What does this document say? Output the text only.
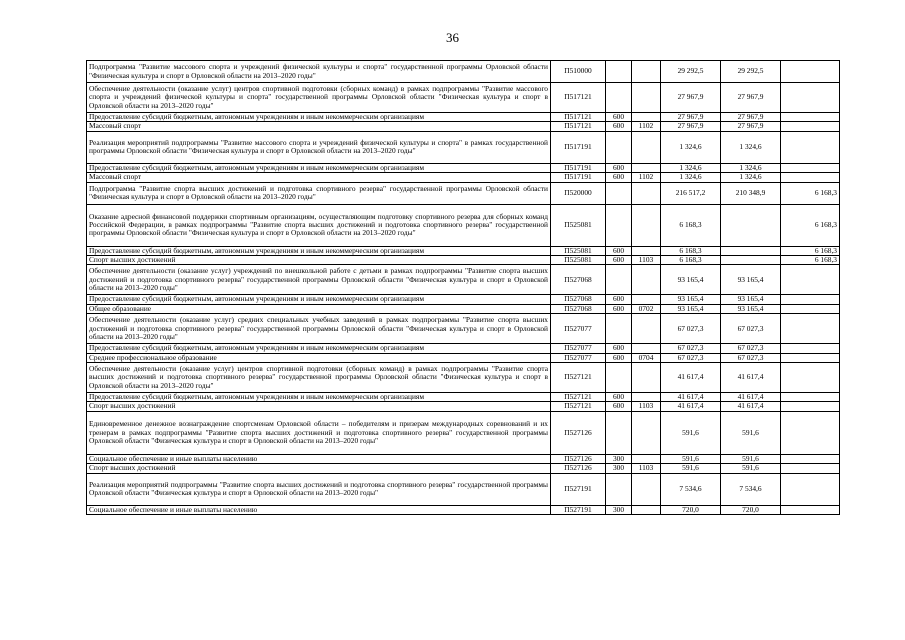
36
Подпрограмма "Развитие массового спорта и учреждений физической культуры и спорта" государственной программы Орловской области "Физическая культура и спорт в Орловской области на 2013–2020 годы"	П510000			29 292,5	29 292,5	
Обеспечение деятельности (оказание услуг) центров спортивной подготовки (сборных команд) в рамках подпрограммы "Развитие массового спорта и учреждений физической культуры и спорта" государственной программы Орловской области "Физическая культура и спорт в Орловской области на 2013–2020 годы"	П517121			27 967,9	27 967,9	
Предоставление субсидий бюджетным, автономным учреждениям и иным некоммерческим организациям	П517121	600		27 967,9	27 967,9	
Массовый спорт	П517121	600	1102	27 967,9	27 967,9	
Реализация мероприятий подпрограммы "Развитие массового спорта и учреждений физической культуры и спорта" в рамках государственной программы Орловской области "Физическая культура и спорт в Орловской области на 2013–2020 годы"	П517191			1 324,6	1 324,6	
Предоставление субсидий бюджетным, автономным учреждениям и иным некоммерческим организациям	П517191	600		1 324,6	1 324,6	
Массовый спорт	П517191	600	1102	1 324,6	1 324,6	
Подпрограмма "Развитие спорта высших достижений и подготовка спортивного резерва" государственной программы Орловской области "Физическая культура и спорт в Орловской области на 2013–2020 годы"	П520000			216 517,2	210 348,9	6 168,3
Оказание адресной финансовой поддержки спортивным организациям, осуществляющим подготовку спортивного резерва для сборных команд Российской Федерации, в рамках подпрограммы "Развитие спорта высших достижений и подготовка спортивного резерва" государственной программы Орловской области "Физическая культура и спорт в Орловской области на 2013–2020 годы"	П525081			6 168,3		6 168,3
Предоставление субсидий бюджетным, автономным учреждениям и иным некоммерческим организациям	П525081	600		6 168,3		6 168,3
Спорт высших достижений	П525081	600	1103	6 168,3		6 168,3
Обеспечение деятельности (оказание услуг) учреждений по внешкольной работе с детьми в рамках подпрограммы "Развитие спорта высших достижений и подготовка спортивного резерва" государственной программы Орловской области "Физическая культура и спорт в Орловской области на 2013–2020 годы"	П527068			93 165,4	93 165,4	
Предоставление субсидий бюджетным, автономным учреждениям и иным некоммерческим организациям	П527068	600		93 165,4	93 165,4	
Общее образование	П527068	600	0702	93 165,4	93 165,4	
Обеспечение деятельности (оказание услуг) средних специальных учебных заведений в рамках подпрограммы "Развитие спорта высших достижений и подготовка спортивного резерва" государственной программы Орловской области "Физическая культура и спорт в Орловской области на 2013–2020 годы"	П527077			67 027,3	67 027,3	
Предоставление субсидий бюджетным, автономным учреждениям и иным некоммерческим организациям	П527077	600		67 027,3	67 027,3	
Среднее профессиональное образование	П527077	600	0704	67 027,3	67 027,3	
Обеспечение деятельности (оказание услуг) центров спортивной подготовки (сборных команд) в рамках подпрограммы "Развитие спорта высших достижений и подготовка спортивного резерва" государственной программы Орловской области "Физическая культура и спорт в Орловской области на 2013–2020 годы"	П527121			41 617,4	41 617,4	
Предоставление субсидий бюджетным, автономным учреждениям и иным некоммерческим организациям	П527121	600		41 617,4	41 617,4	
Спорт высших достижений	П527121	600	1103	41 617,4	41 617,4	
Единовременное денежное вознаграждение спортсменам Орловской области – победителям и призерам международных соревнований и их тренерам в рамках подпрограммы "Развитие спорта высших достижений и подготовка спортивного резерва" государственной программы Орловской области "Физическая культура и спорт в Орловской области на 2013–2020 годы"	П527126			591,6	591,6	
Социальное обеспечение и иные выплаты населению	П527126	300		591,6	591,6	
Спорт высших достижений	П527126	300	1103	591,6	591,6	
Реализация мероприятий подпрограммы "Развитие спорта высших достижений и подготовка спортивного резерва" государственной программы Орловской области "Физическая культура и спорт в Орловской области на 2013–2020 годы"	П527191			7 534,6	7 534,6	
Социальное обеспечение и иные выплаты населению	П527191	300		720,0	720,0	
